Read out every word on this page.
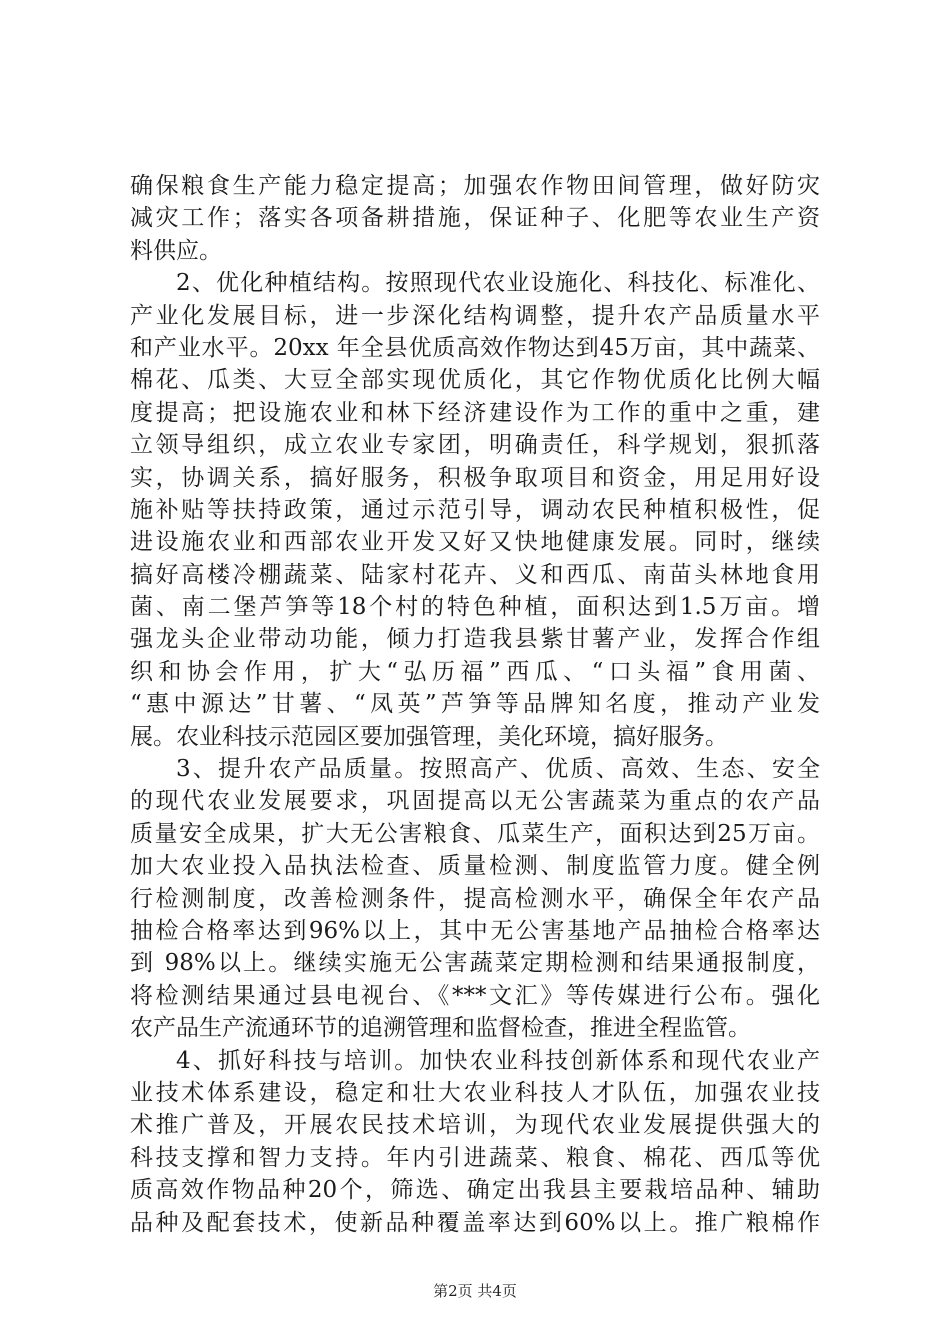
确保粮食生产能力稳定提高；加强农作物田间管理，做好防灾
减灾工作；落实各项备耕措施，保证种子、化肥等农业生产资
料供应。
2、优化种植结构。按照现代农业设施化、科技化、标准化、
产业化发展目标，进一步深化结构调整，提升农产品质量水平
和产业水平。20xx 年全县优质高效作物达到45万亩，其中蔬菜、
棉花、瓜类、大豆全部实现优质化，其它作物优质化比例大幅
度提高；把设施农业和林下经济建设作为工作的重中之重，建
立领导组织，成立农业专家团，明确责任，科学规划，狠抓落
实，协调关系，搞好服务，积极争取项目和资金，用足用好设
施补贴等扶持政策，通过示范引导，调动农民种植积极性，促
进设施农业和西部农业开发又好又快地健康发展。同时，继续
搞好高楼冷棚蔬菜、陆家村花卉、义和西瓜、南苗头林地食用
菌、南二堡芦笋等18个村的特色种植，面积达到1.5万亩。增
强龙头企业带动功能，倾力打造我县紫甘薯产业，发挥合作组
织和协会作用，扩大“弘历福”西瓜、“口头福”食用菌、
“惠中源达”甘薯、“凤英”芦笋等品牌知名度，推动产业发
展。农业科技示范园区要加强管理，美化环境，搞好服务。
3、提升农产品质量。按照高产、优质、高效、生态、安全
的现代农业发展要求，巩固提高以无公害蔬菜为重点的农产品
质量安全成果，扩大无公害粮食、瓜菜生产，面积达到25万亩。
加大农业投入品执法检查、质量检测、制度监管力度。健全例
行检测制度，改善检测条件，提高检测水平，确保全年农产品
抽检合格率达到96%以上，其中无公害基地产品抽检合格率达
到 98%以上。继续实施无公害蔬菜定期检测和结果通报制度，
将检测结果通过县电视台、《***文汇》等传媒进行公布。强化
农产品生产流通环节的追溯管理和监督检查，推进全程监管。
4、抓好科技与培训。加快农业科技创新体系和现代农业产
业技术体系建设，稳定和壮大农业科技人才队伍，加强农业技
术推广普及，开展农民技术培训，为现代农业发展提供强大的
科技支撑和智力支持。年内引进蔬菜、粮食、棉花、西瓜等优
质高效作物品种20个，筛选、确定出我县主要栽培品种、辅助
品种及配套技术，使新品种覆盖率达到60%以上。推广粮棉作
第2页 共4页
